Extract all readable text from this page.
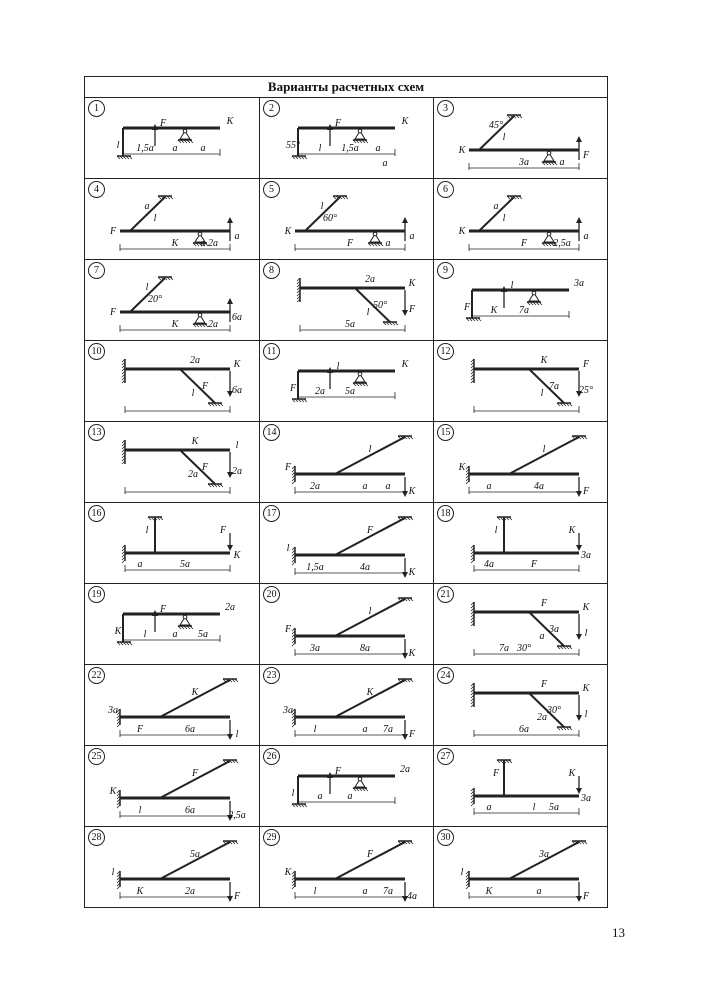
Варианты расчетных схем
1
l
F	K
1,5a a a
2
55°
F	K
l 1,5a a
a
3
45°
l
K
3a	a
F
4
a
l
F
K	2a
a
a
5
l
60°
K
F	a
a
6
a
l
K
F	2,5a
a
7
l
20°
F
K	2a
6a
8
2a	K
50°
l	F
5a
9
F
l	3a
K 7a
10
2a	K
F
l	6a
11
F
l	K
2a 5a
12
K	F
7a
l	25°
13
K	l
F
2a	2a
14
l
F
K
2a	a a
15
l
K
F
a	4a
16
l	F
K
a	5a
17
F
l
K
1,5a	4a
18
l	K
3a
4a	F
19
K
F	2a
l	a 5a
20
l
F
K
3a	8a
21
F	K
3a
a	l
30°
7a
22
K
3a
l
F	6a
23
K
3a
F
l	a 7a
24
F	K
30°
2a	l
6a
25
F
K
2,5a
l	6a
26
l
F	2a
a	a
27
F	K
3a
a	l 5a
28
5a
l
F
K	2a
29
F
K
4a
l	a 7a
30
3a
l
F
K	a
13
